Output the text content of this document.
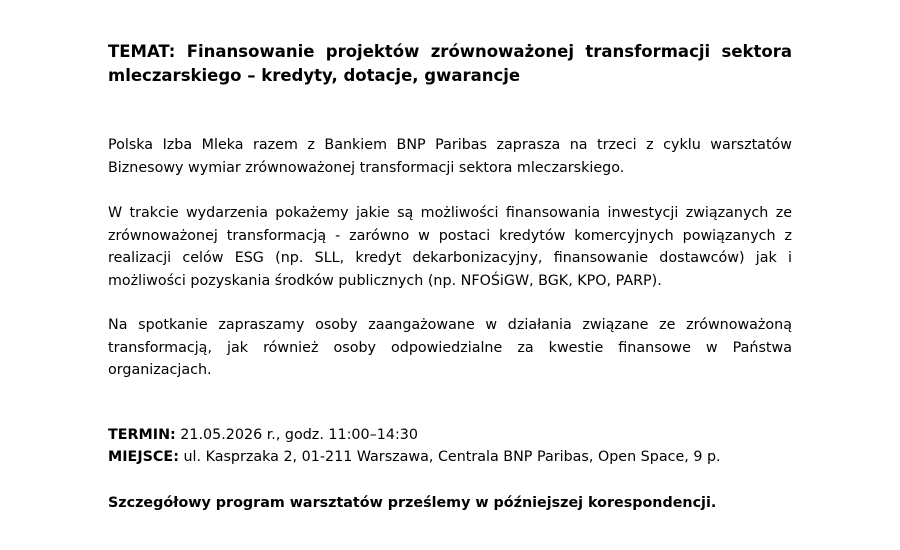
TEMAT: Finansowanie projektów zrównoważonej transformacji sektora mleczarskiego – kredyty, dotacje, gwarancje

Polska Izba Mleka razem z Bankiem BNP Paribas zaprasza na trzeci z cyklu warsztatów Biznesowy wymiar zrównoważonej transformacji sektora mleczarskiego.

W trakcie wydarzenia pokażemy jakie są możliwości finansowania inwestycji związanych ze zrównoważonej transformacją - zarówno w postaci kredytów komercyjnych powiązanych z realizacji celów ESG (np. SLL, kredyt dekarbonizacyjny, finansowanie dostawców) jak i możliwości pozyskania środków publicznych (np. NFOŚiGW, BGK, KPO, PARP).

Na spotkanie zapraszamy osoby zaangażowane w działania związane ze zrównoważoną transformacją, jak również osoby odpowiedzialne za kwestie finansowe w Państwa organizacjach.

TERMIN: 21.05.2026 r., godz. 11:00–14:30

MIEJSCE: ul. Kasprzaka 2, 01-211 Warszawa, Centrala BNP Paribas, Open Space, 9 p.

Szczegółowy program warsztatów prześlemy w późniejszej korespondencji.
